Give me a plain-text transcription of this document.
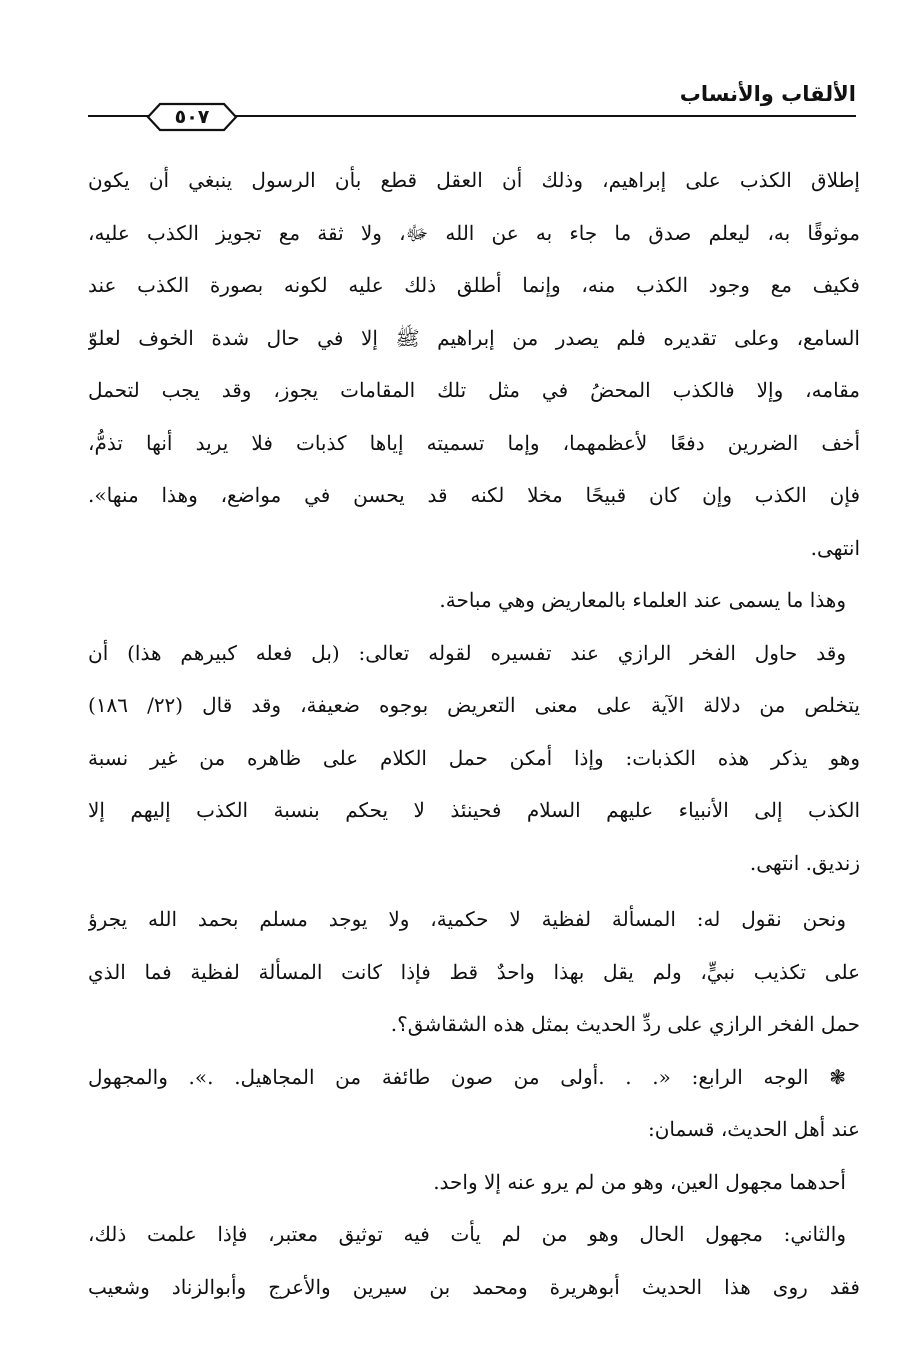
الألقاب والأنساب
٥٠٧
إطلاق الكذب على إبراهيم، وذلك أن العقل قطع بأن الرسول ينبغي أن يكون
موثوقًا به، ليعلم صدق ما جاء به عن الله ﷻ، ولا ثقة مع تجويز الكذب عليه،
فكيف مع وجود الكذب منه، وإنما أطلق ذلك عليه لكونه بصورة الكذب عند
السامع، وعلى تقديره فلم يصدر من إبراهيم ﷺ إلا في حال شدة الخوف لعلوّ
مقامه، وإلا فالكذب المحضُ في مثل تلك المقامات يجوز، وقد يجب لتحمل
أخف الضررين دفعًا لأعظمهما، وإما تسميته إياها كذبات فلا يريد أنها تذمُّ،
فإن الكذب وإن كان قبيحًا مخلا لكنه قد يحسن في مواضع، وهذا منها».
انتهى.
وهذا ما يسمى عند العلماء بالمعاريض وهي مباحة.
وقد حاول الفخر الرازي عند تفسيره لقوله تعالى: (بل فعله كبيرهم هذا) أن
يتخلص من دلالة الآية على معنى التعريض بوجوه ضعيفة، وقد قال (٢٢/ ١٨٦)
وهو يذكر هذه الكذبات: وإذا أمكن حمل الكلام على ظاهره من غير نسبة
الكذب إلى الأنبياء عليهم السلام فحينئذ لا يحكم بنسبة الكذب إليهم إلا
زنديق. انتهى.
ونحن نقول له: المسألة لفظية لا حكمية، ولا يوجد مسلم بحمد الله يجرؤ
على تكذيب نبيٍّ، ولم يقل بهذا واحدٌ قط فإذا كانت المسألة لفظية فما الذي
حمل الفخر الرازي على ردِّ الحديث بمثل هذه الشقاشق؟.
❃ الوجه الرابع: «. . .أولى من صون طائفة من المجاهيل. .». والمجهول
عند أهل الحديث، قسمان:
أحدهما مجهول العين، وهو من لم يرو عنه إلا واحد.
والثاني: مجهول الحال وهو من لم يأت فيه توثيق معتبر، فإذا علمت ذلك،
فقد روى هذا الحديث أبوهريرة ومحمد بن سيرين والأعرج وأبوالزناد وشعيب
